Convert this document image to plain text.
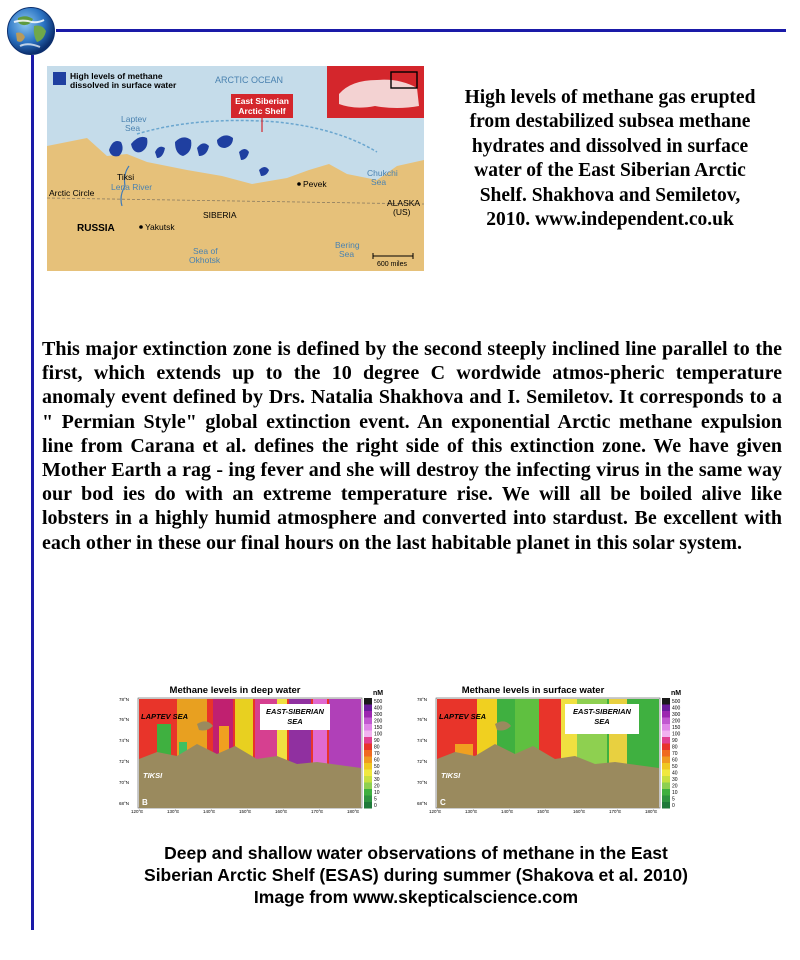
High levels of methane
dissolved in surface water	ARCTIC OCEAN
East Siberian
Arctic Shelf
Laptev
Sea
Tiksi
Lena River	Pevek
Chukchi
Sea
Arctic Circle
SIBERIA
RUSSIA	Yakutsk
ALASKA
(US)
Bering
Sea
Sea of
Okhotsk	600 miles
High levels of methane gas erupted
from destabilized subsea methane
hydrates and dissolved in surface
water of the East Siberian Arctic
Shelf. Shakhova and Semiletov,
2010. www.independent.co.uk

This major extinction zone is defined by the second steeply inclined line parallel to the first, which extends up to the 10 degree C wordwide atmos-pheric temperature anomaly event defined by Drs. Natalia Shakhova and I. Semiletov. It corresponds to a " Permian Style" global extinction event. An exponential Arctic methane expulsion line from Carana et al. defines the right side of this extinction zone. We have given Mother Earth a rag - ing fever and she will destroy the infecting virus in the same way our bod ies do with an extreme temperature rise. We will all be boiled alive like lobsters in a highly humid atmosphere and converted into stardust. Be excellent with each other in these our final hours on the last habitable planet in this solar system.

Methane levels in deep water
LAPTEV SEA
EAST-SIBERIAN
SEA
TIKSI
B
78°N
76°N
74°N
72°N
70°N
68°N
120°E	130°E	140°E	150°E	160°E	170°E	180°E
nM
500
400
300
200
150
100
90
80
70
60
50
40
30
20
10
5
0
Methane levels in surface water
LAPTEV SEA
EAST-SIBERIAN
SEA
TIKSI
C
78°N
76°N
74°N
72°N
70°N
68°N
120°E	130°E	140°E	150°E	160°E	170°E	180°E
nM
500
400
300
200
150
100
90
80
70
60
50
40
30
20
10
5
0
Deep and shallow water observations of methane in the East
Siberian Arctic Shelf (ESAS) during summer (Shakova et al. 2010)
Image from www.skepticalscience.com
